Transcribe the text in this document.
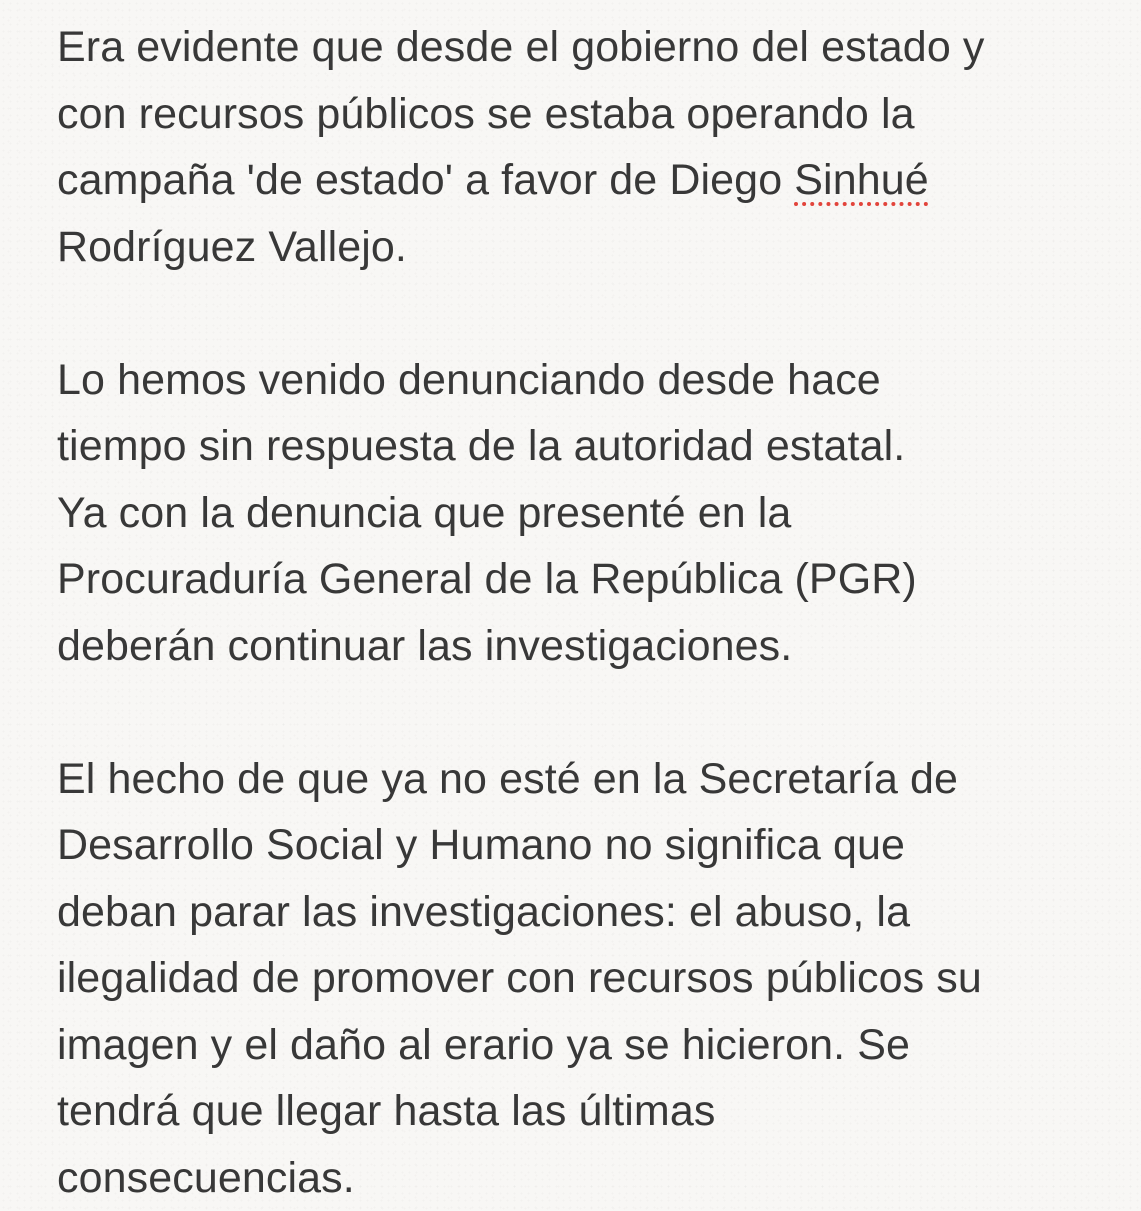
Era evidente que desde el gobierno del estado y
con recursos públicos se estaba operando la
campaña 'de estado' a favor de Diego Sinhué
Rodríguez Vallejo.

Lo hemos venido denunciando desde hace
tiempo sin respuesta de la autoridad estatal.
Ya con la denuncia que presenté en la
Procuraduría General de la República (PGR)
deberán continuar las investigaciones.

El hecho de que ya no esté en la Secretaría de
Desarrollo Social y Humano no significa que
deban parar las investigaciones: el abuso, la
ilegalidad de promover con recursos públicos su
imagen y el daño al erario ya se hicieron. Se
tendrá que llegar hasta las últimas
consecuencias.
